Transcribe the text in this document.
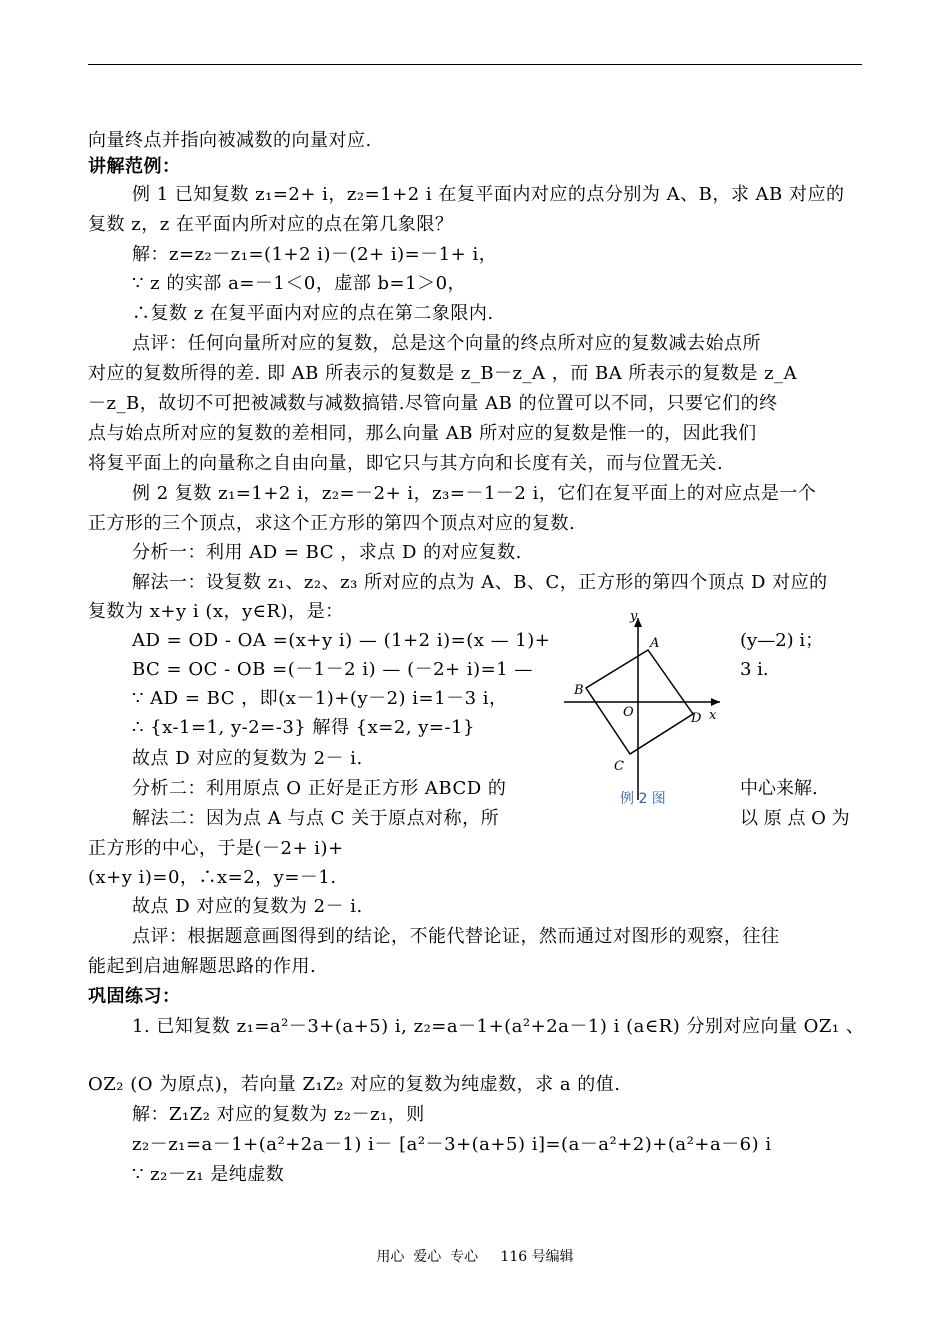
向量终点并指向被减数的向量对应.
讲解范例：
例 1 已知复数 z₁=2+ i，z₂=1+2 i 在复平面内对应的点分别为 A、B，求 AB 对应的
复数 z，z 在平面内所对应的点在第几象限？
解：z=z₂－z₁=(1+2 i)－(2+ i)=－1+ i，
∵ z 的实部 a=－1＜0，虚部 b=1＞0，
∴复数 z 在复平面内对应的点在第二象限内.
点评：任何向量所对应的复数，总是这个向量的终点所对应的复数减去始点所
对应的复数所得的差. 即 AB 所表示的复数是 z_B－z_A ，而 BA 所表示的复数是 z_A
－z_B，故切不可把被减数与减数搞错.尽管向量 AB 的位置可以不同，只要它们的终
点与始点所对应的复数的差相同，那么向量 AB 所对应的复数是惟一的，因此我们
将复平面上的向量称之自由向量，即它只与其方向和长度有关，而与位置无关.
例 2 复数 z₁=1+2 i，z₂=－2+ i，z₃=－1－2 i，它们在复平面上的对应点是一个
正方形的三个顶点，求这个正方形的第四个顶点对应的复数.
分析一：利用 AD = BC ，求点 D 的对应复数.
解法一：设复数 z₁、z₂、z₃ 所对应的点为 A、B、C，正方形的第四个顶点 D 对应的
复数为 x+y i (x，y∈R)，是：
AD = OD - OA =(x+y i) — (1+2 i)=(x — 1)+
BC = OC - OB =(－1－2 i) — (－2+ i)=1 —
∵ AD = BC ，即(x－1)+(y－2) i=1－3 i，
∴ {x-1=1, y-2=-3} 解得 {x=2, y=-1}
故点 D 对应的复数为 2－ i.
分析二：利用原点 O 正好是正方形 ABCD 的
解法二：因为点 A 与点 C 关于原点对称，所
正方形的中心，于是(－2+ i)+
(x+y i)=0，∴x=2，y=－1.
故点 D 对应的复数为 2－ i.
点评：根据题意画图得到的结论，不能代替论证，然而通过对图形的观察，往往
能起到启迪解题思路的作用.
巩固练习：
1. 已知复数 z₁=a²－3+(a+5) i, z₂=a－1+(a²+2a－1) i (a∈R) 分别对应向量 OZ₁ 、
OZ₂ (O 为原点)，若向量 Z₁Z₂ 对应的复数为纯虚数，求 a 的值.
解：Z₁Z₂ 对应的复数为 z₂－z₁，则
z₂－z₁=a－1+(a²+2a－1) i－ [a²－3+(a+5) i]=(a－a²+2)+(a²+a－6) i
∵ z₂－z₁ 是纯虚数
(y—2) i；
3 i.
中心来解.
以 原 点 O 为
y
x
A
B
O	D
C
例 2 图
用心  爱心  专心     116 号编辑
